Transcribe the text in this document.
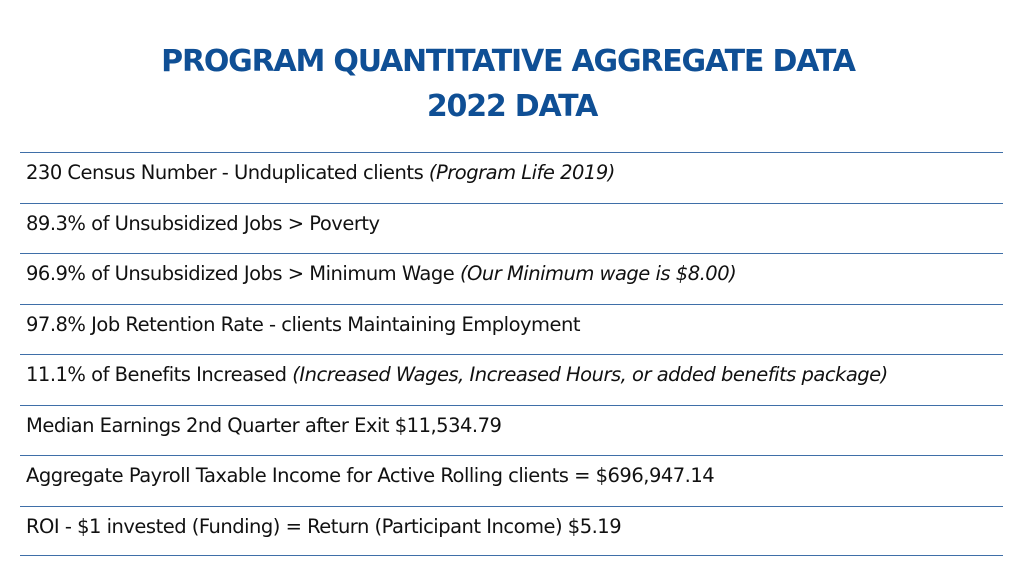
PROGRAM QUANTITATIVE AGGREGATE DATA
2022 DATA
230 Census Number - Unduplicated clients (Program Life 2019)
89.3% of Unsubsidized Jobs > Poverty
96.9% of Unsubsidized Jobs > Minimum Wage (Our Minimum wage is $8.00)
97.8% Job Retention Rate - clients Maintaining Employment
11.1% of Benefits Increased (Increased Wages, Increased Hours, or added benefits package)
Median Earnings 2nd Quarter after Exit $11,534.79
Aggregate Payroll Taxable Income for Active Rolling clients = $696,947.14
ROI - $1 invested (Funding) = Return (Participant Income) $5.19
